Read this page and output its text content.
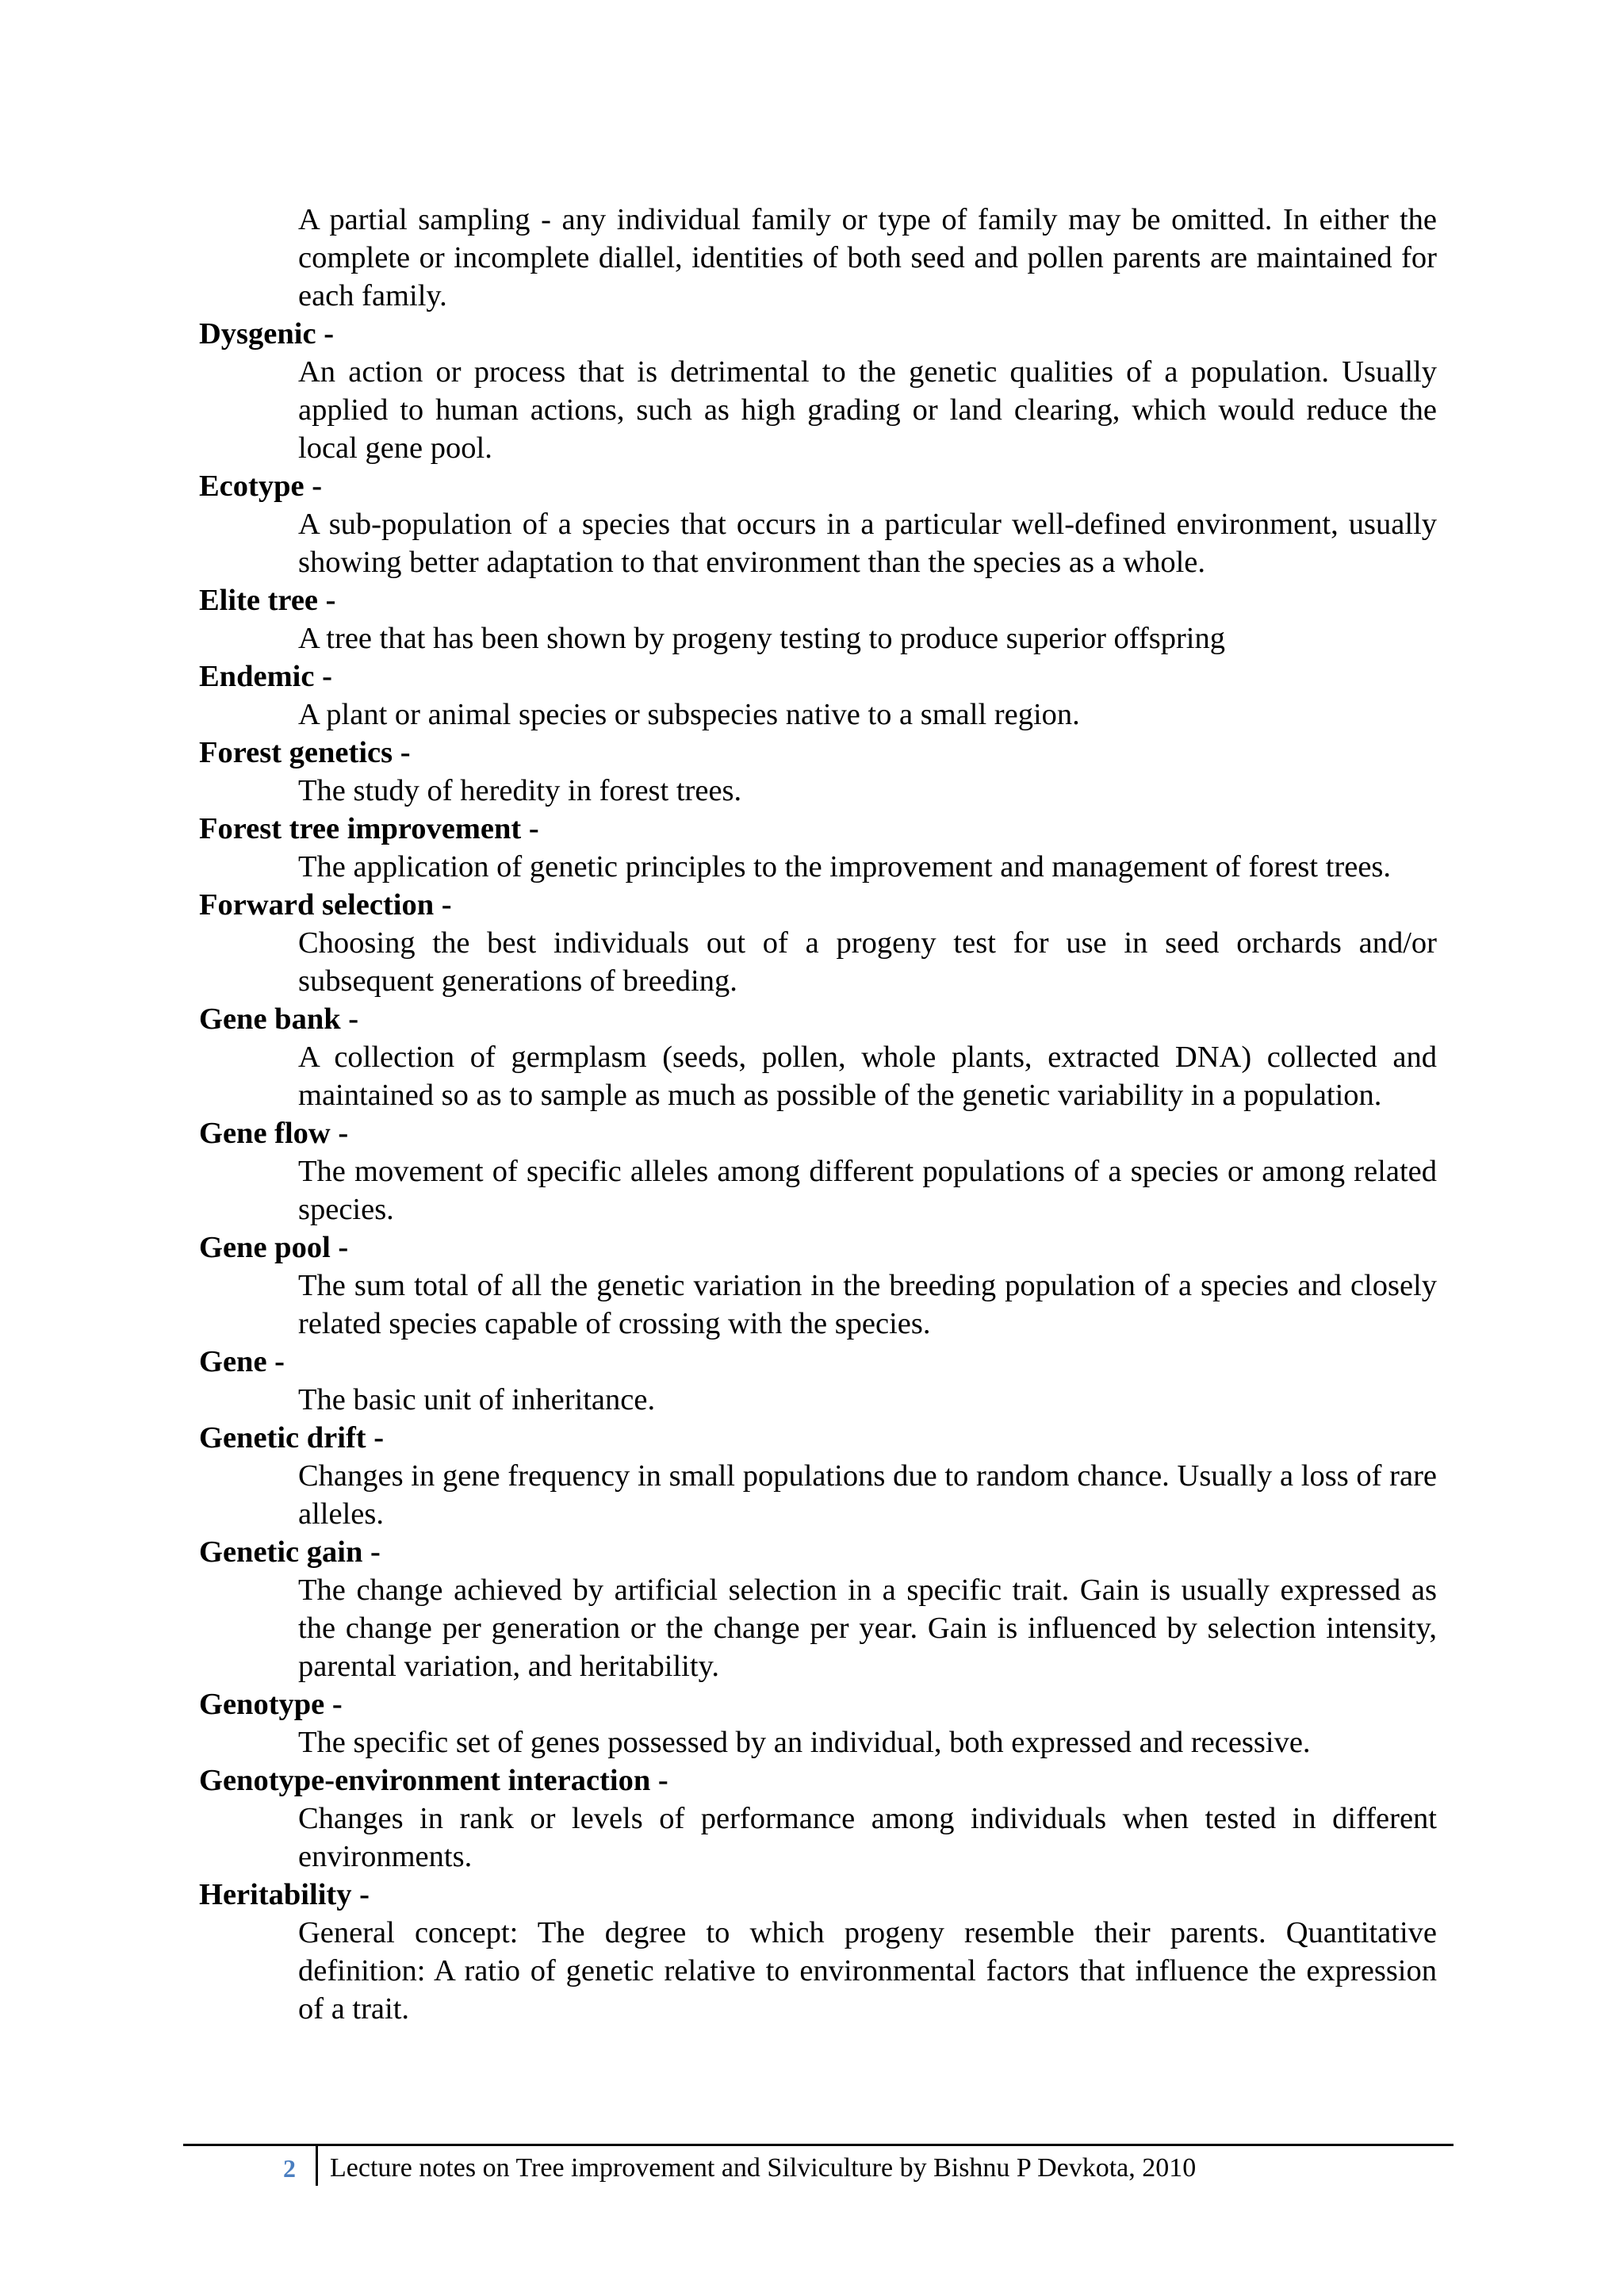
A partial sampling - any individual family or type of family may be omitted. In either the complete or incomplete diallel, identities of both seed and pollen parents are maintained for each family.
Dysgenic -
An action or process that is detrimental to the genetic qualities of a population. Usually applied to human actions, such as high grading or land clearing, which would reduce the local gene pool.
Ecotype -
A sub-population of a species that occurs in a particular well-defined environment, usually showing better adaptation to that environment than the species as a whole.
Elite tree -
A tree that has been shown by progeny testing to produce superior offspring
Endemic -
A plant or animal species or subspecies native to a small region.
Forest genetics -
The study of heredity in forest trees.
Forest tree improvement -
The application of genetic principles to the improvement and management of forest trees.
Forward selection -
Choosing the best individuals out of a progeny test for use in seed orchards and/or subsequent generations of breeding.
Gene bank -
A collection of germplasm (seeds, pollen, whole plants, extracted DNA) collected and maintained so as to sample as much as possible of the genetic variability in a population.
Gene flow -
The movement of specific alleles among different populations of a species or among related species.
Gene pool -
The sum total of all the genetic variation in the breeding population of a species and closely related species capable of crossing with the species.
Gene -
The basic unit of inheritance.
Genetic drift -
Changes in gene frequency in small populations due to random chance. Usually a loss of rare alleles.
Genetic gain -
The change achieved by artificial selection in a specific trait. Gain is usually expressed as the change per generation or the change per year. Gain is influenced by selection intensity, parental variation, and heritability.
Genotype -
The specific set of genes possessed by an individual, both expressed and recessive.
Genotype-environment interaction -
Changes in rank or levels of performance among individuals when tested in different environments.
Heritability -
General concept: The degree to which progeny resemble their parents. Quantitative definition: A ratio of genetic relative to environmental factors that influence the expression of a trait.
2 Lecture notes on Tree improvement and Silviculture by Bishnu P Devkota, 2010
